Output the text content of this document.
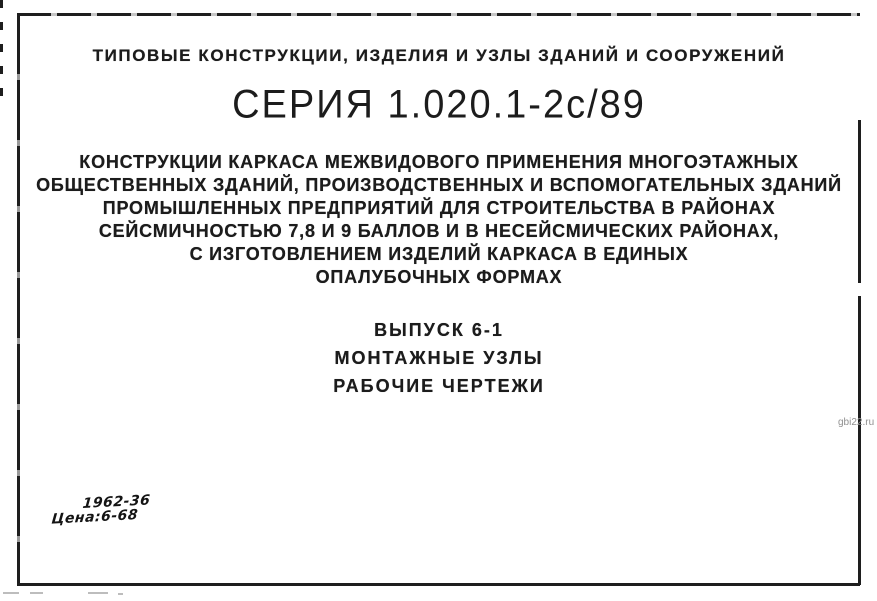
ТИПОВЫЕ КОНСТРУКЦИИ, ИЗДЕЛИЯ И УЗЛЫ ЗДАНИЙ И СООРУЖЕНИЙ
СЕРИЯ 1.020.1-2с/89
КОНСТРУКЦИИ КАРКАСА МЕЖВИДОВОГО ПРИМЕНЕНИЯ МНОГОЭТАЖНЫХ
ОБЩЕСТВЕННЫХ ЗДАНИЙ, ПРОИЗВОДСТВЕННЫХ И ВСПОМОГАТЕЛЬНЫХ ЗДАНИЙ
ПРОМЫШЛЕННЫХ ПРЕДПРИЯТИЙ ДЛЯ СТРОИТЕЛЬСТВА В РАЙОНАХ
СЕЙСМИЧНОСТЬЮ 7,8 И 9 БАЛЛОВ И В НЕСЕЙСМИЧЕСКИХ РАЙОНАХ,
С ИЗГОТОВЛЕНИЕМ ИЗДЕЛИЙ КАРКАСА В ЕДИНЫХ
ОПАЛУБОЧНЫХ ФОРМАХ
ВЫПУСК 6-1
МОНТАЖНЫЕ УЗЛЫ
РАБОЧИЕ ЧЕРТЕЖИ
1962-36
Цена:6-68
gbi22.ru
